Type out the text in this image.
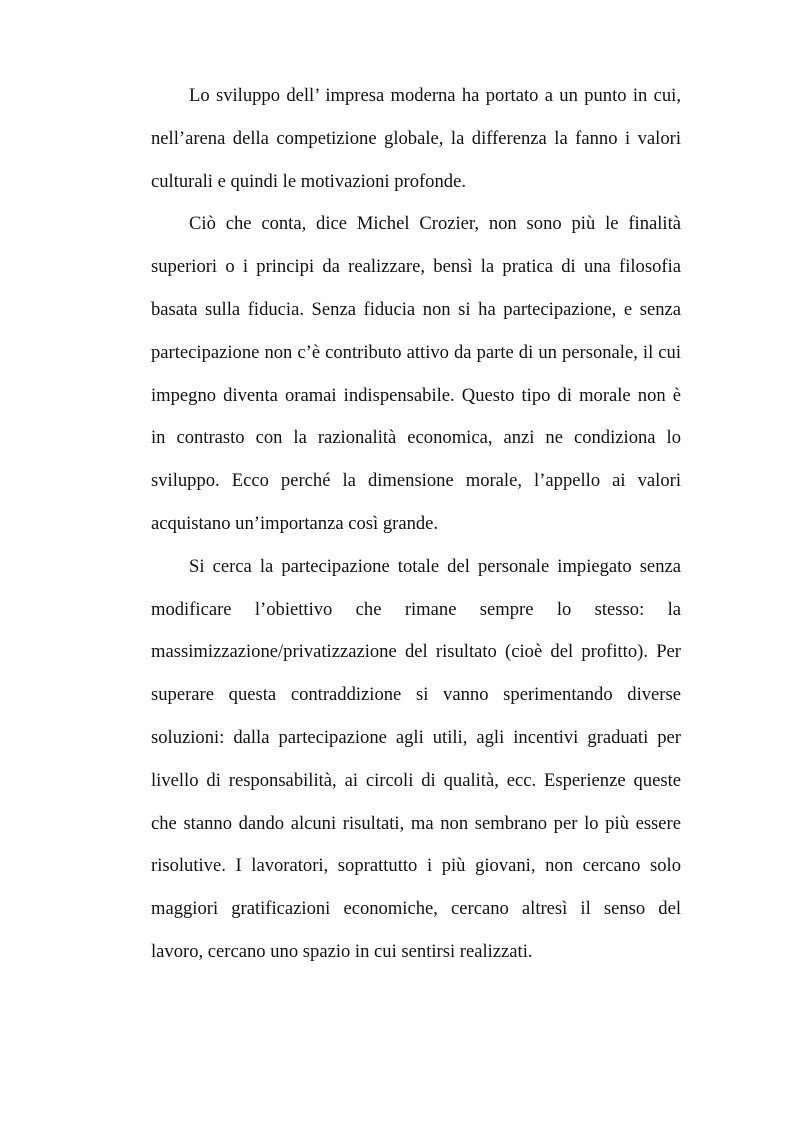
Lo sviluppo dell’ impresa moderna ha portato a un punto in cui,
nell’arena della competizione globale, la differenza la fanno i valori
culturali e quindi le motivazioni profonde.
Ciò che conta, dice Michel Crozier, non sono più le finalità
superiori o i principi da realizzare, bensì la pratica di una filosofia
basata sulla fiducia. Senza fiducia non si ha partecipazione, e senza
partecipazione non c’è contributo attivo da parte di un personale, il cui
impegno diventa oramai indispensabile. Questo tipo di morale non è
in contrasto con la razionalità economica, anzi ne condiziona lo
sviluppo. Ecco perché la dimensione morale, l’appello ai valori
acquistano un’importanza così grande.
Si cerca la partecipazione totale del personale impiegato senza
modificare l’obiettivo che rimane sempre lo stesso: la
massimizzazione/privatizzazione del risultato (cioè del profitto). Per
superare questa contraddizione si vanno sperimentando diverse
soluzioni: dalla partecipazione agli utili, agli incentivi graduati per
livello di responsabilità, ai circoli di qualità, ecc. Esperienze queste
che stanno dando alcuni risultati, ma non sembrano per lo più essere
risolutive. I lavoratori, soprattutto i più giovani, non cercano solo
maggiori gratificazioni economiche, cercano altresì il senso del
lavoro, cercano uno spazio in cui sentirsi realizzati.
